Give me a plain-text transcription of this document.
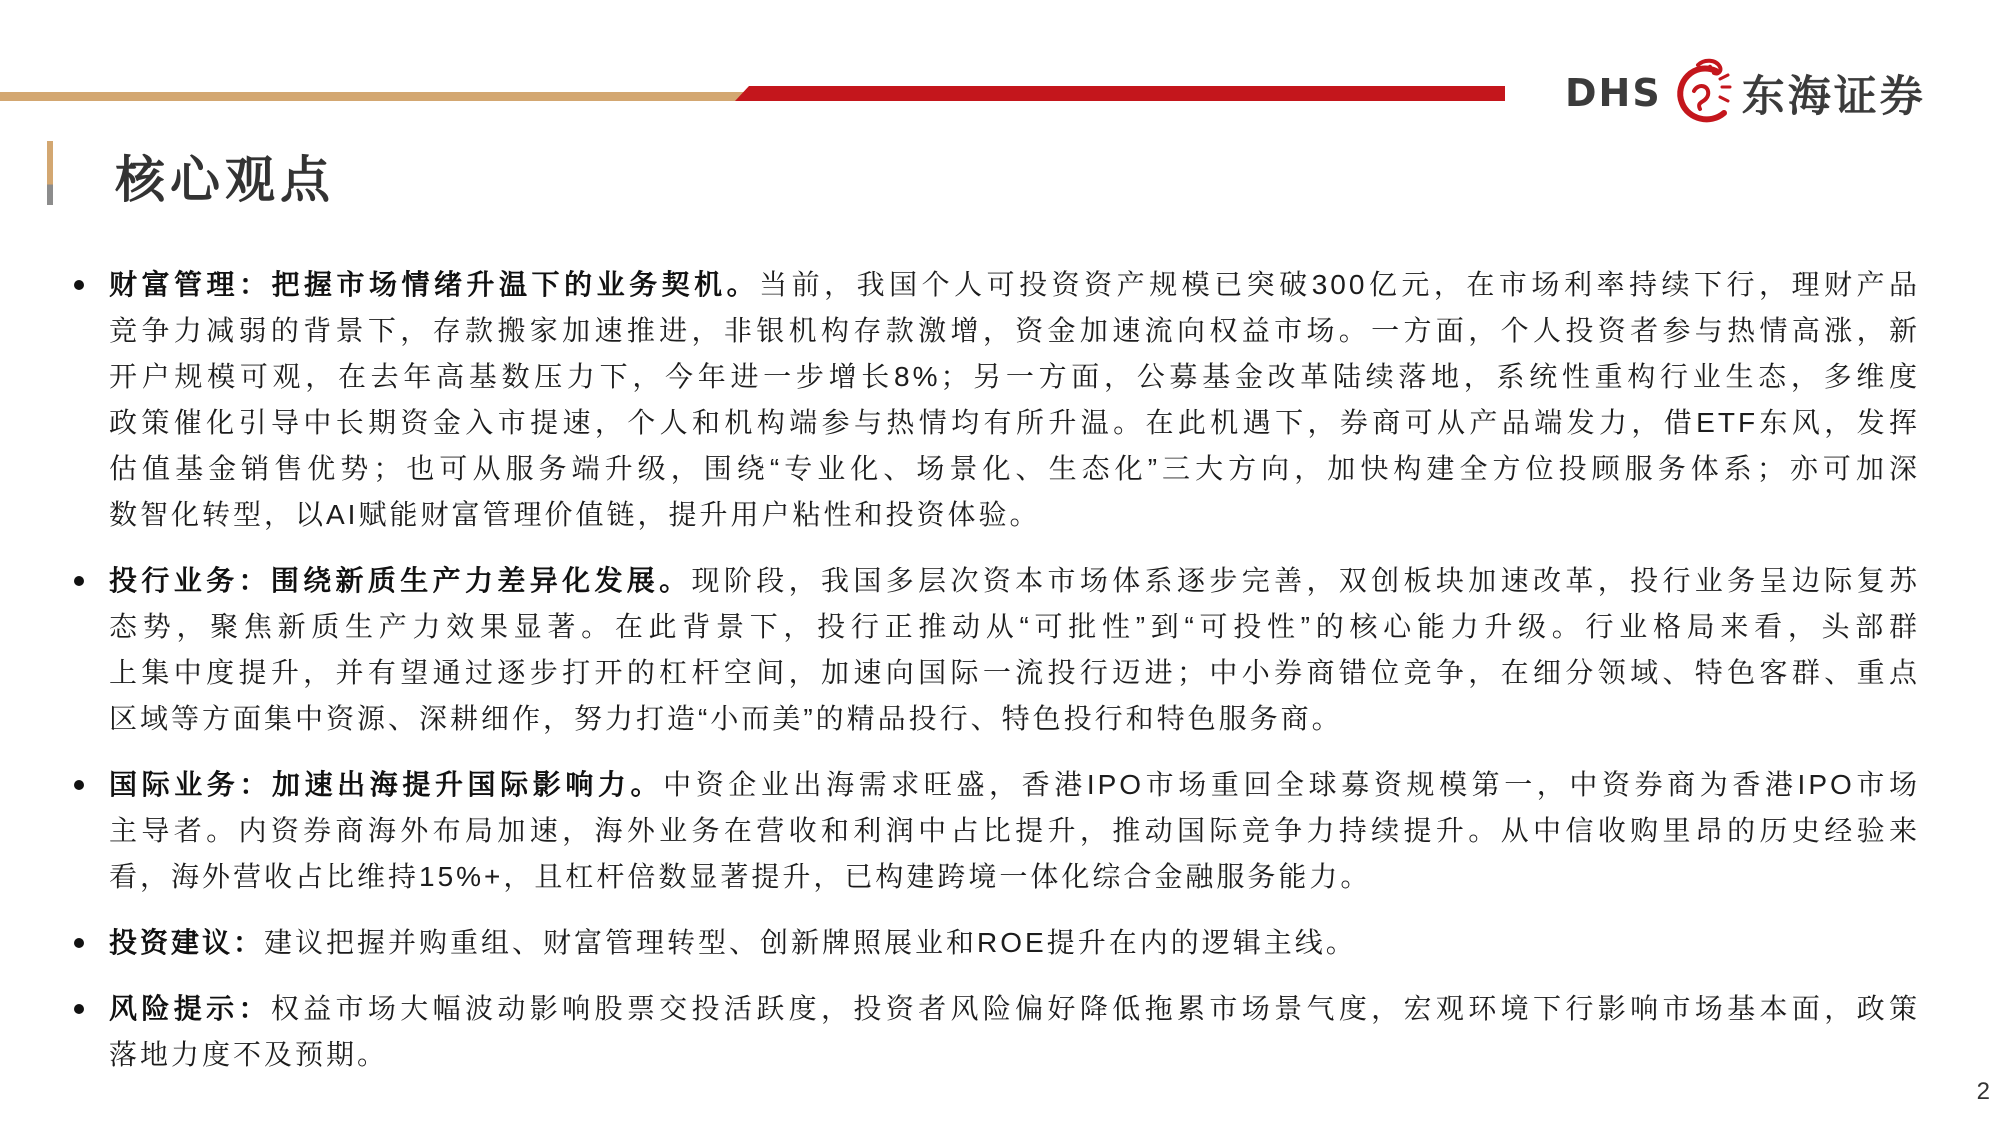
DHS 东海证券
核心观点
财富管理：把握市场情绪升温下的业务契机。当前，我国个人可投资资产规模已突破300亿元，在市场利率持续下行，理财产品
竞争力减弱的背景下，存款搬家加速推进，非银机构存款激增，资金加速流向权益市场。一方面，个人投资者参与热情高涨，新
开户规模可观，在去年高基数压力下，今年进一步增长8%；另一方面，公募基金改革陆续落地，系统性重构行业生态，多维度
政策催化引导中长期资金入市提速，个人和机构端参与热情均有所升温。在此机遇下，券商可从产品端发力，借ETF东风，发挥
估值基金销售优势；也可从服务端升级，围绕“专业化、场景化、生态化”三大方向，加快构建全方位投顾服务体系；亦可加深
数智化转型，以AI赋能财富管理价值链，提升用户粘性和投资体验。
投行业务：围绕新质生产力差异化发展。现阶段，我国多层次资本市场体系逐步完善，双创板块加速改革，投行业务呈边际复苏
态势，聚焦新质生产力效果显著。在此背景下，投行正推动从“可批性”到“可投性”的核心能力升级。行业格局来看，头部群
上集中度提升，并有望通过逐步打开的杠杆空间，加速向国际一流投行迈进；中小券商错位竞争，在细分领域、特色客群、重点
区域等方面集中资源、深耕细作，努力打造“小而美”的精品投行、特色投行和特色服务商。
国际业务：加速出海提升国际影响力。中资企业出海需求旺盛，香港IPO市场重回全球募资规模第一，中资券商为香港IPO市场
主导者。内资券商海外布局加速，海外业务在营收和利润中占比提升，推动国际竞争力持续提升。从中信收购里昂的历史经验来
看，海外营收占比维持15%+，且杠杆倍数显著提升，已构建跨境一体化综合金融服务能力。
投资建议：建议把握并购重组、财富管理转型、创新牌照展业和ROE提升在内的逻辑主线。
风险提示：权益市场大幅波动影响股票交投活跃度，投资者风险偏好降低拖累市场景气度，宏观环境下行影响市场基本面，政策
落地力度不及预期。
2
